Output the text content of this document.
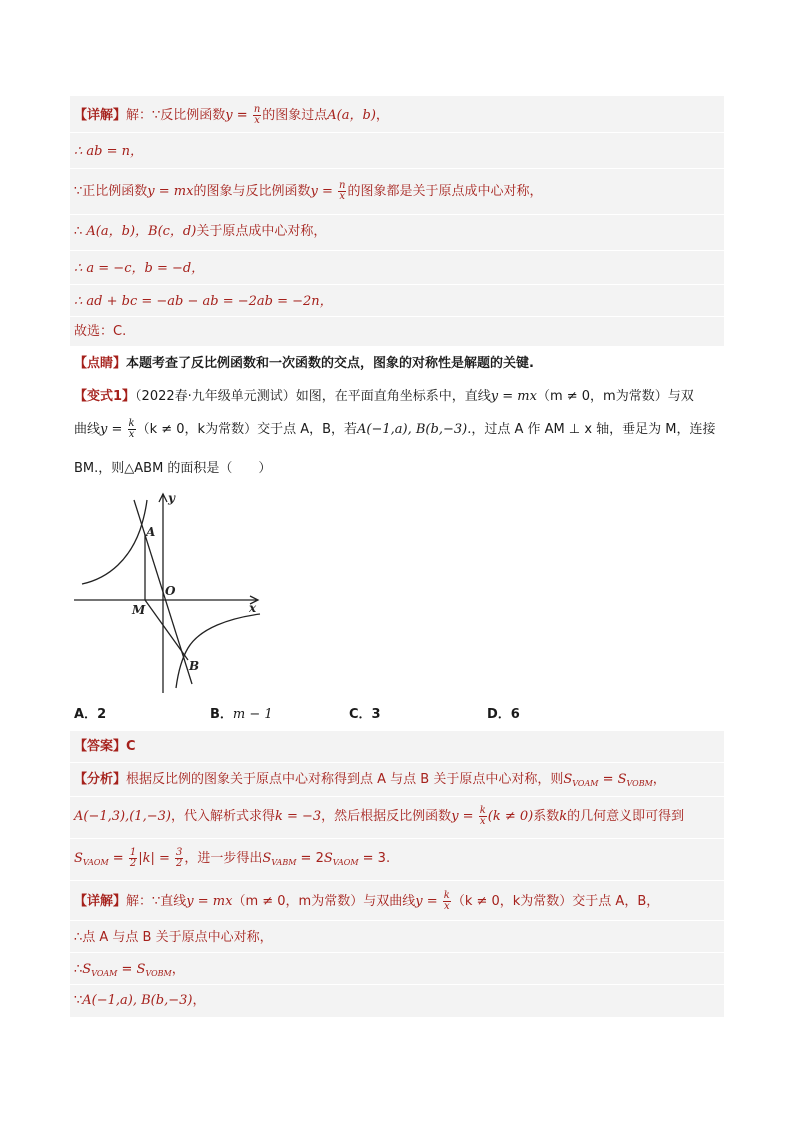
【详解】解：∵反比例函数$y = \frac{n}{x}$ 的图象过点A(a，b)，
∴ ab = n，
∵正比例函数y = mx的图象与反比例函数$y = \frac{n}{x}$ 的图象都是关于原点成中心对称，
∴ A(a，b)，B(c，d)关于原点成中心对称，
∴ a = −c，b = −d，
∴ ad + bc = −ab − ab = −2ab = −2n，
故选：C.
【点睛】本题考查了反比例函数和一次函数的交点，图象的对称性是解题的关键.
【变式1】（2022春·九年级单元测试）如图，在平面直角坐标系中，直线y = mx（m ≠ 0，m为常数）与双
曲线$y = \frac{k}{x} (k \ne 0$，k为常数）交于点 A，B，若A(−1,a), B(b,−3).，过点 A 作 AM ⊥ x 轴，垂足为 M，连接
BM.，则△ABM 的面积是（　　）
y
x
O
A
M
B
A．2	B．m − 1	C．3	D．6
【答案】C
【分析】根据反比例的图象关于原点中心对称得到点 A 与点 B 关于原点中心对称，则$S_{VOAM} = S_{VOBM}$，
A(−1,3),(1,−3)，代入解析式求得k = −3，然后根据反比例函数$y = \frac{k}{x} (k \ne 0)$系数k的几何意义即可得到
$S_{VAOM} = \frac{1}{2} |k| = \frac{3}{2}$ ，进一步得出$S_{VABM} = 2S_{VAOM} = 3$.
【详解】解：∵直线y = mx（m ≠ 0，m为常数）与双曲线$y = \frac{k}{x} (k \ne 0$，k为常数）交于点 A，B，
∴点 A 与点 B 关于原点中心对称，
$\therefore S_{VOAM} = S_{VOBM}$，
∵A(−1,a), B(b,−3)，
